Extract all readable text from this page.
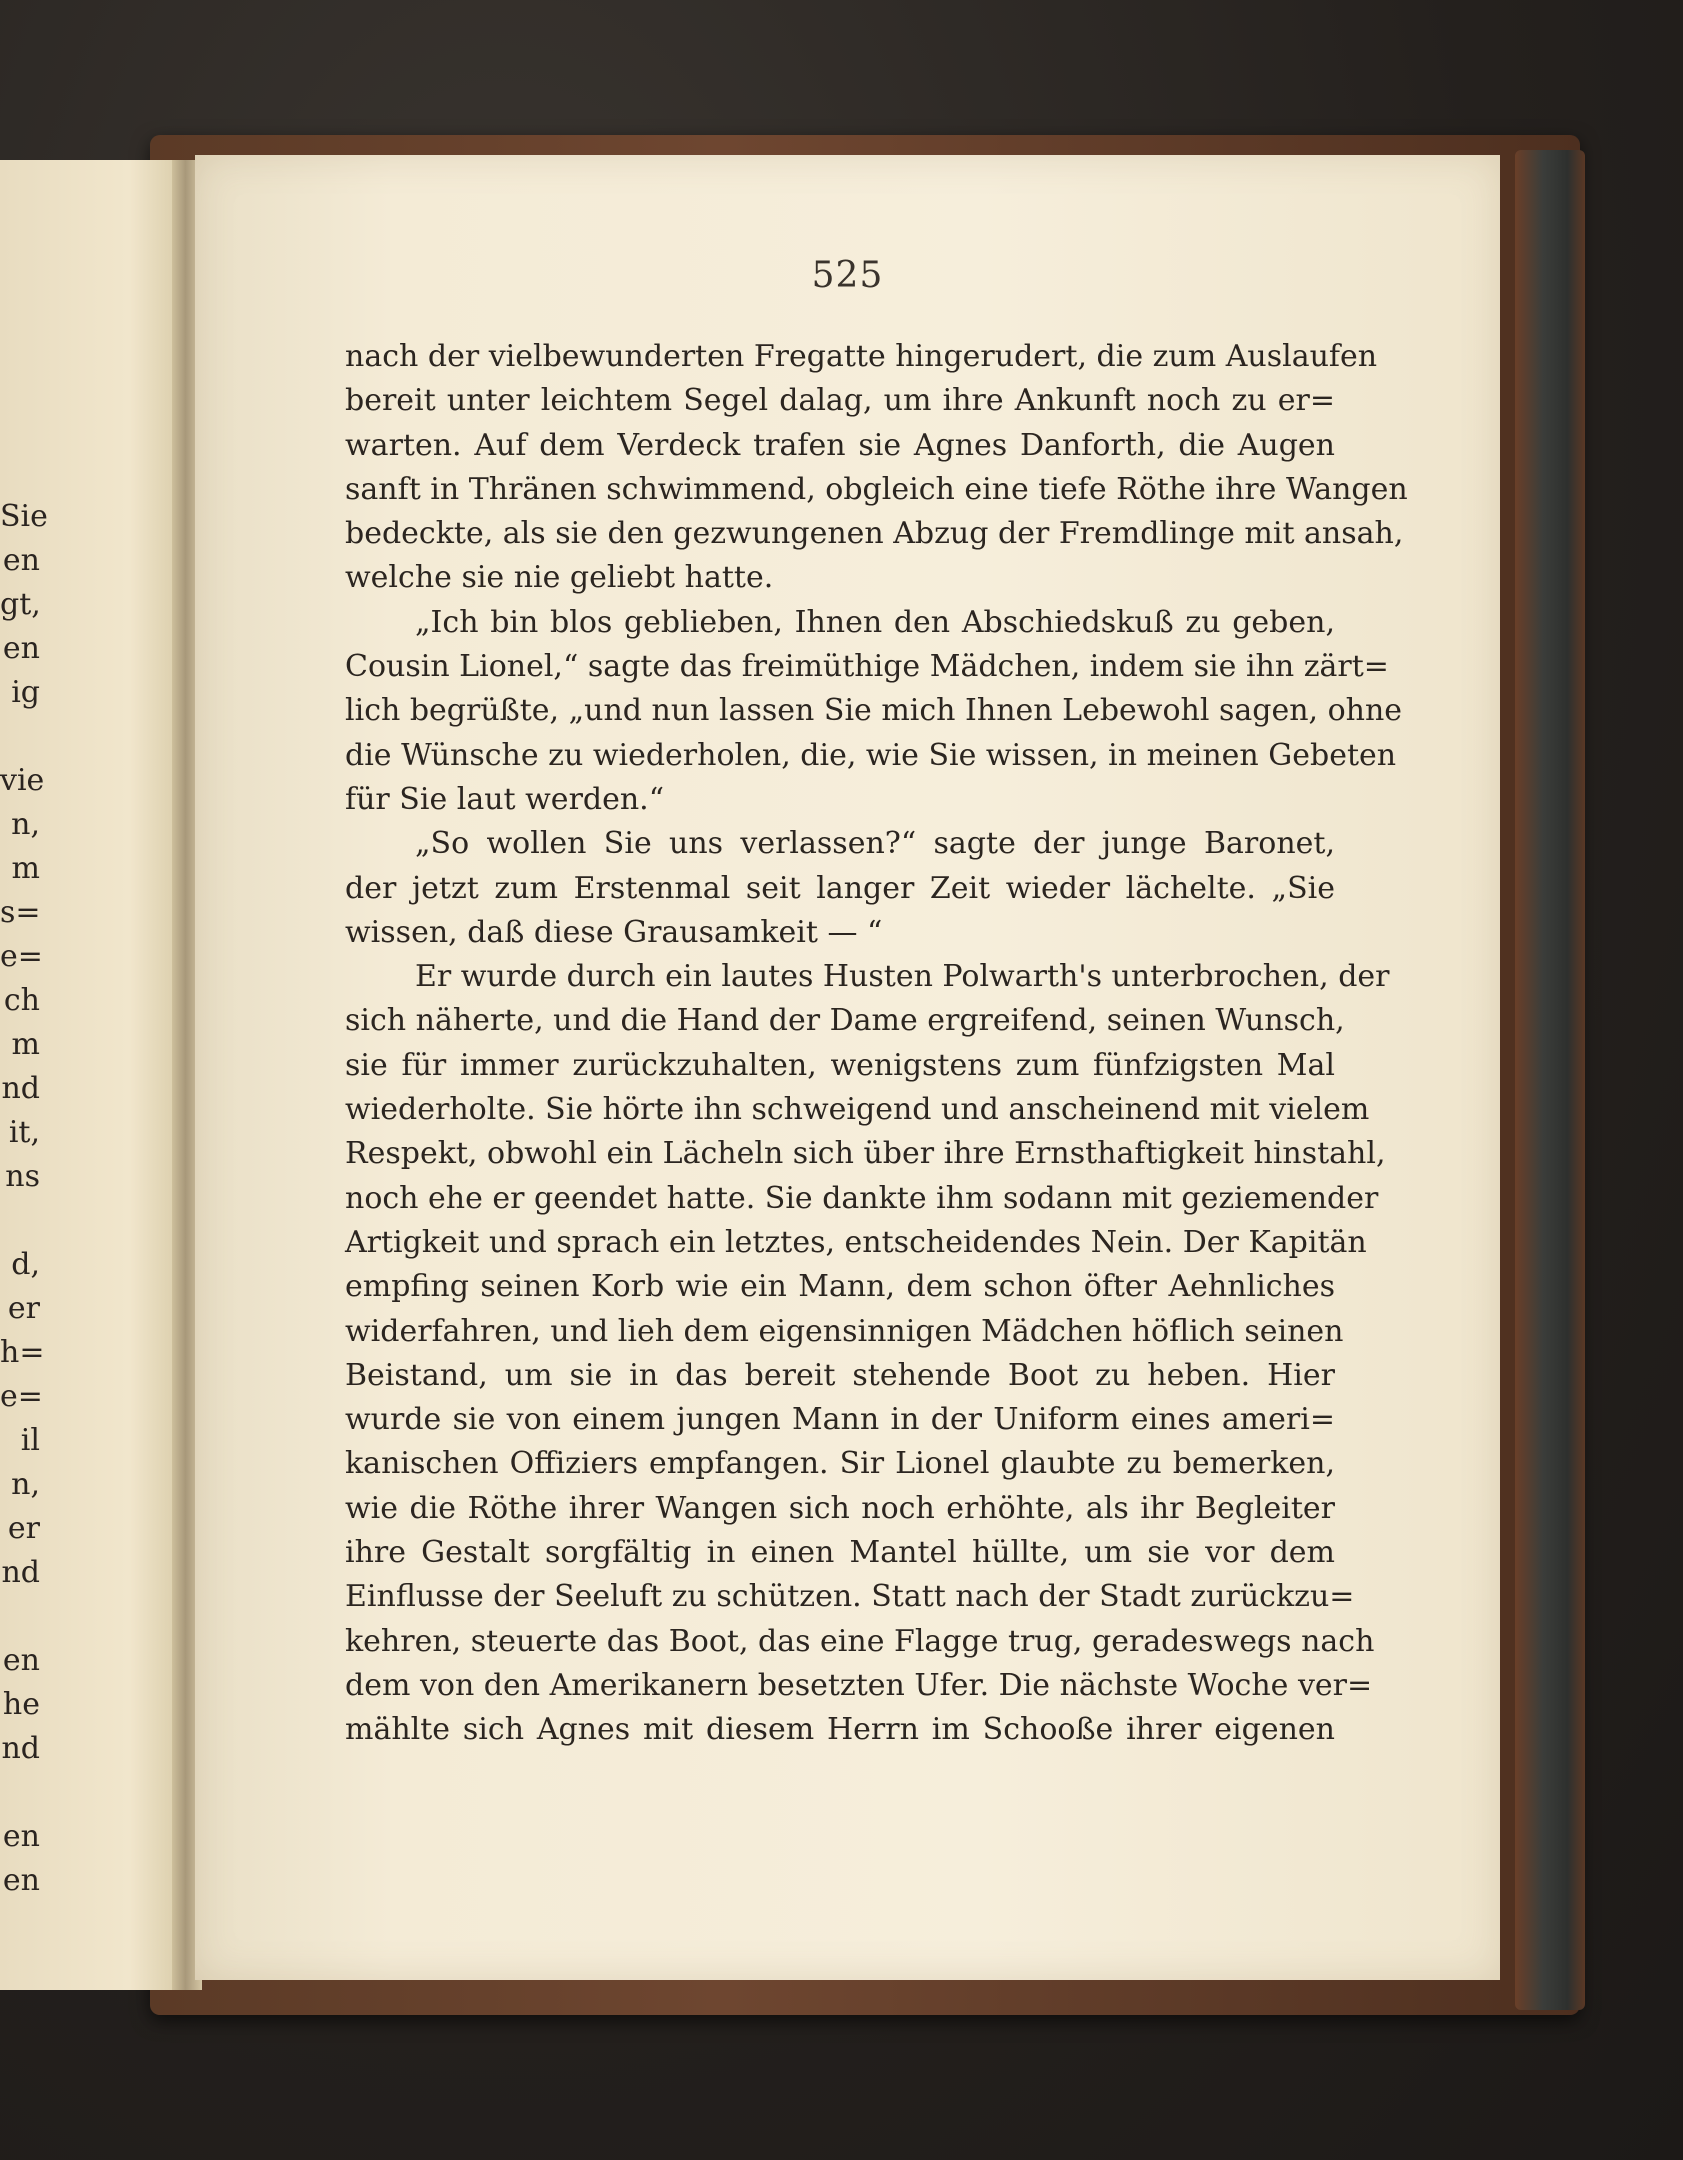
Sie
en
gt,
en
ig
vie
n,
m
s=
e=
ch
m
nd
it,
ns
d,
er
h=
e=
il
n,
er
nd
en
he
nd
en
en
525
nach der vielbewunderten Fregatte hingerudert, die zum Auslaufen
bereit unter leichtem Segel dalag, um ihre Ankunft noch zu er=
warten. Auf dem Verdeck trafen sie Agnes Danforth, die Augen
sanft in Thränen schwimmend, obgleich eine tiefe Röthe ihre Wangen
bedeckte, als sie den gezwungenen Abzug der Fremdlinge mit ansah,
welche sie nie geliebt hatte.
„Ich bin blos geblieben, Ihnen den Abschiedskuß zu geben,
Cousin Lionel,“ sagte das freimüthige Mädchen, indem sie ihn zärt=
lich begrüßte, „und nun lassen Sie mich Ihnen Lebewohl sagen, ohne
die Wünsche zu wiederholen, die, wie Sie wissen, in meinen Gebeten
für Sie laut werden.“
„So wollen Sie uns verlassen?“ sagte der junge Baronet,
der jetzt zum Erstenmal seit langer Zeit wieder lächelte. „Sie
wissen, daß diese Grausamkeit — “
Er wurde durch ein lautes Husten Polwarth's unterbrochen, der
sich näherte, und die Hand der Dame ergreifend, seinen Wunsch,
sie für immer zurückzuhalten, wenigstens zum fünfzigsten Mal
wiederholte. Sie hörte ihn schweigend und anscheinend mit vielem
Respekt, obwohl ein Lächeln sich über ihre Ernsthaftigkeit hinstahl,
noch ehe er geendet hatte. Sie dankte ihm sodann mit geziemender
Artigkeit und sprach ein letztes, entscheidendes Nein. Der Kapitän
empfing seinen Korb wie ein Mann, dem schon öfter Aehnliches
widerfahren, und lieh dem eigensinnigen Mädchen höflich seinen
Beistand, um sie in das bereit stehende Boot zu heben. Hier
wurde sie von einem jungen Mann in der Uniform eines ameri=
kanischen Offiziers empfangen. Sir Lionel glaubte zu bemerken,
wie die Röthe ihrer Wangen sich noch erhöhte, als ihr Begleiter
ihre Gestalt sorgfältig in einen Mantel hüllte, um sie vor dem
Einflusse der Seeluft zu schützen. Statt nach der Stadt zurückzu=
kehren, steuerte das Boot, das eine Flagge trug, geradeswegs nach
dem von den Amerikanern besetzten Ufer. Die nächste Woche ver=
mählte sich Agnes mit diesem Herrn im Schooße ihrer eigenen
